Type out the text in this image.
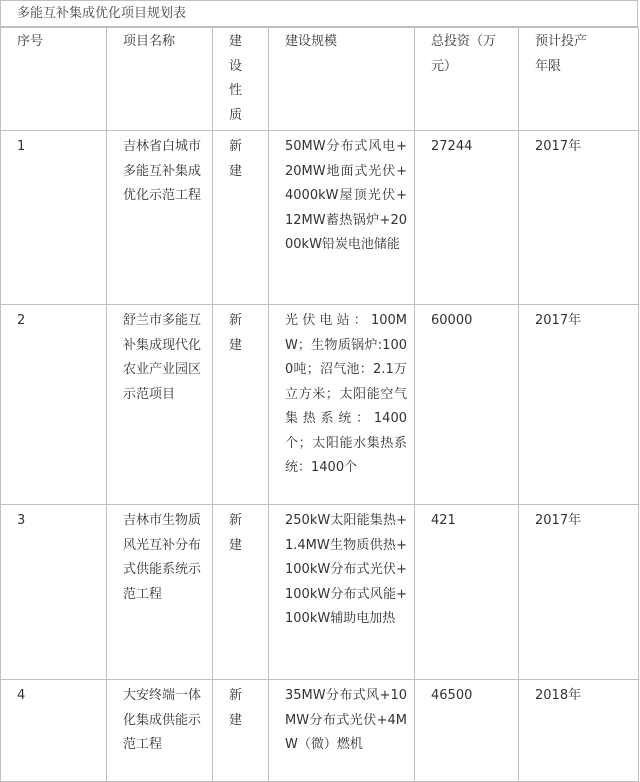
多能互补集成优化项目规划表
序号	项目名称	建设性质	建设规模	总投资（万元）	预计投产年限

1	吉林省白城市多能互补集成优化示范工程	新建	50MW分布式风电+20MW地面式光伏+4000kW屋顶光伏+12MW蓄热锅炉+2000kW铅炭电池储能	27244	2017年
2	舒兰市多能互补集成现代化农业产业园区示范项目	新建	光伏电站：100MW；生物质锅炉:1000吨；沼气池：2.1万立方米；太阳能空气集热系统：1400个；太阳能水集热系统：1400个	60000	2017年
3	吉林市生物质风光互补分布式供能系统示范工程	新建	250kW太阳能集热+1.4MW生物质供热+100kW分布式光伏+100kW分布式风能+100kW辅助电加热	421	2017年
4	大安终端一体化集成供能示范工程	新建	35MW分布式风+10MW分布式光伏+4MW（微）燃机	46500	2018年
